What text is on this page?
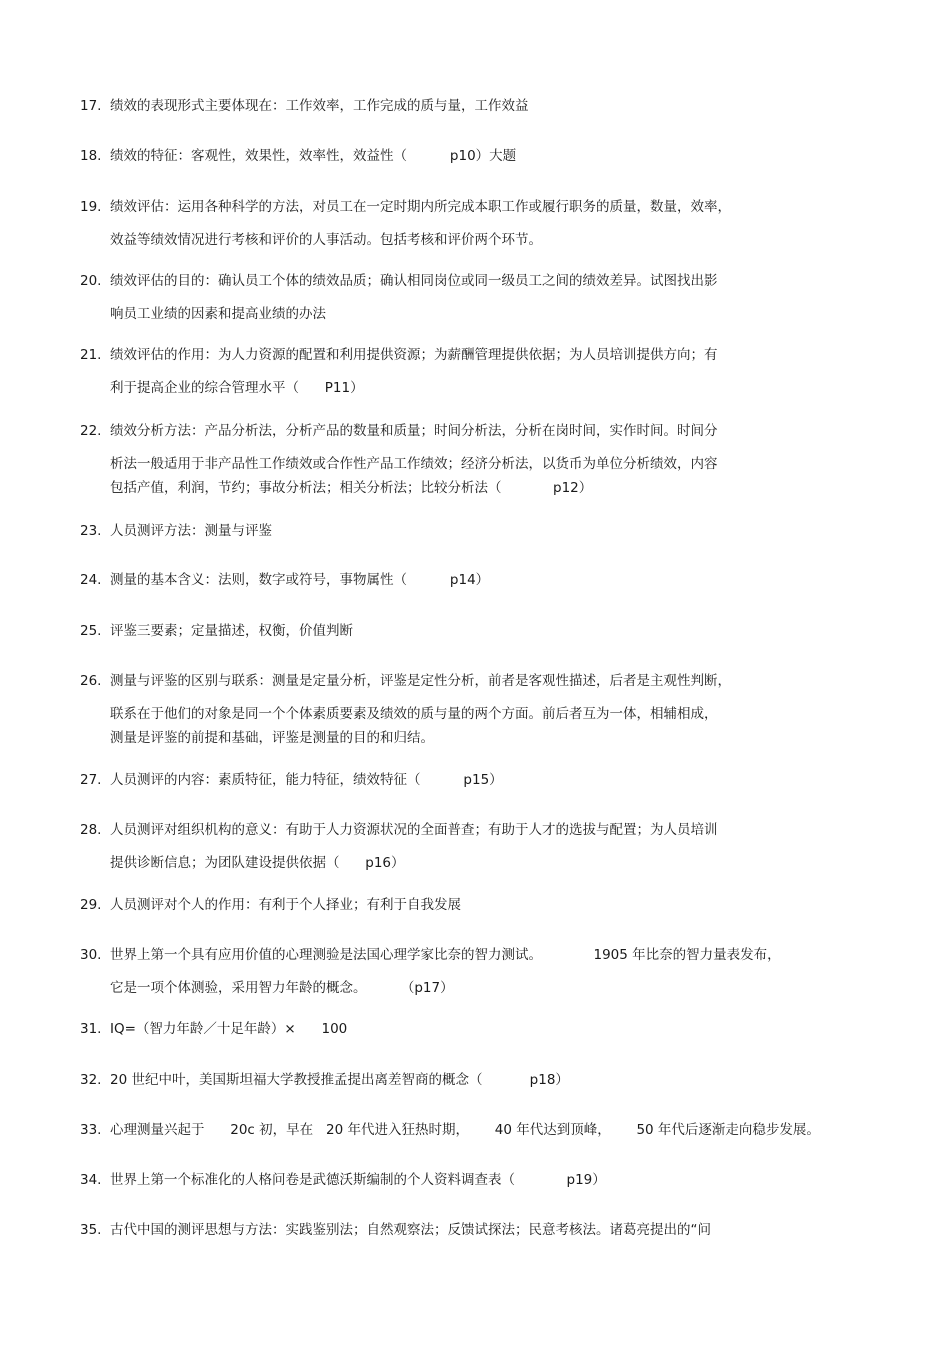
17. 绩效的表现形式主要体现在：工作效率，工作完成的质与量，工作效益
18. 绩效的特征：客观性，效果性，效率性，效益性（          p10）大题
19. 绩效评估：运用各种科学的方法，对员工在一定时期内所完成本职工作或履行职务的质量，数量，效率，
效益等绩效情况进行考核和评价的人事活动。包括考核和评价两个环节。
20. 绩效评估的目的：确认员工个体的绩效品质；确认相同岗位或同一级员工之间的绩效差异。试图找出影
响员工业绩的因素和提高业绩的办法
21. 绩效评估的作用：为人力资源的配置和利用提供资源；为薪酬管理提供依据；为人员培训提供方向；有
利于提高企业的综合管理水平（      P11）
22. 绩效分析方法：产品分析法，分析产品的数量和质量；时间分析法，分析在岗时间，实作时间。时间分
析法一般适用于非产品性工作绩效或合作性产品工作绩效；经济分析法，以货币为单位分析绩效，内容
包括产值，利润，节约；事故分析法；相关分析法；比较分析法（            p12）
23. 人员测评方法：测量与评鉴
24. 测量的基本含义：法则，数字或符号，事物属性（          p14）
25. 评鉴三要素；定量描述，权衡，价值判断
26. 测量与评鉴的区别与联系：测量是定量分析，评鉴是定性分析，前者是客观性描述，后者是主观性判断，
联系在于他们的对象是同一个个体素质要素及绩效的质与量的两个方面。前后者互为一体，相辅相成，
测量是评鉴的前提和基础，评鉴是测量的目的和归结。
27. 人员测评的内容：素质特征，能力特征，绩效特征（          p15）
28. 人员测评对组织机构的意义：有助于人力资源状况的全面普查；有助于人才的选拔与配置；为人员培训
提供诊断信息；为团队建设提供依据（      p16）
29. 人员测评对个人的作用：有利于个人择业；有利于自我发展
30. 世界上第一个具有应用价值的心理测验是法国心理学家比奈的智力测试。            1905 年比奈的智力量表发布，
它是一项个体测验，采用智力年龄的概念。        （p17）
31. IQ=（智力年龄／十足年龄）×      100
32. 20 世纪中叶，美国斯坦福大学教授推孟提出离差智商的概念（           p18）
33. 心理测量兴起于      20c 初，早在   20 年代进入狂热时期，      40 年代达到顶峰，      50 年代后逐渐走向稳步发展。
34. 世界上第一个标准化的人格问卷是武德沃斯编制的个人资料调查表（            p19）
35. 古代中国的测评思想与方法：实践鉴别法；自然观察法；反馈试探法；民意考核法。诸葛亮提出的“问
